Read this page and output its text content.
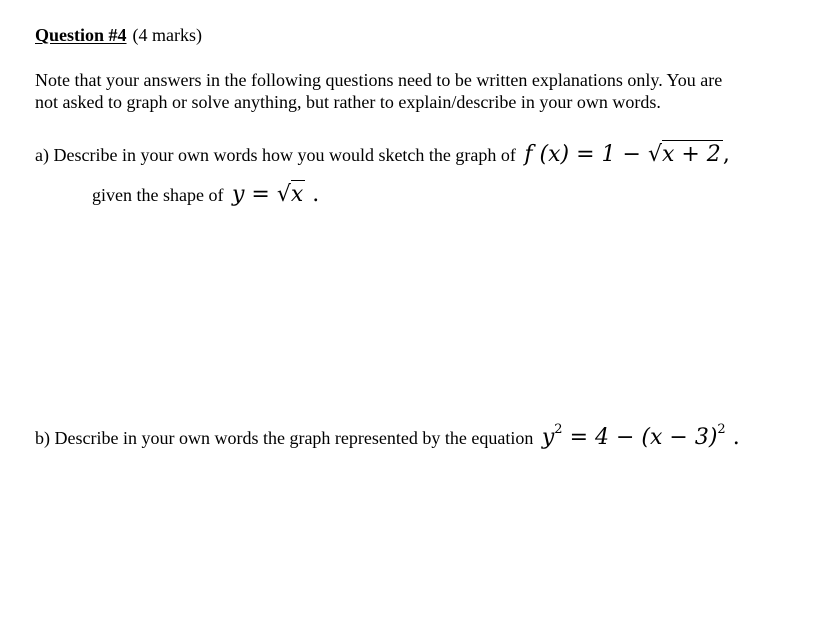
Question #4 (4 marks)
Note that your answers in the following questions need to be written explanations only. You are
not asked to graph or solve anything, but rather to explain/describe in your own words.
a) Describe in your own words how you would sketch the graph of f (x) = 1 − √x + 2,
given the shape of y = √x .
b) Describe in your own words the graph represented by the equation $y^2 = 4 - (x - 3)^2$ .
